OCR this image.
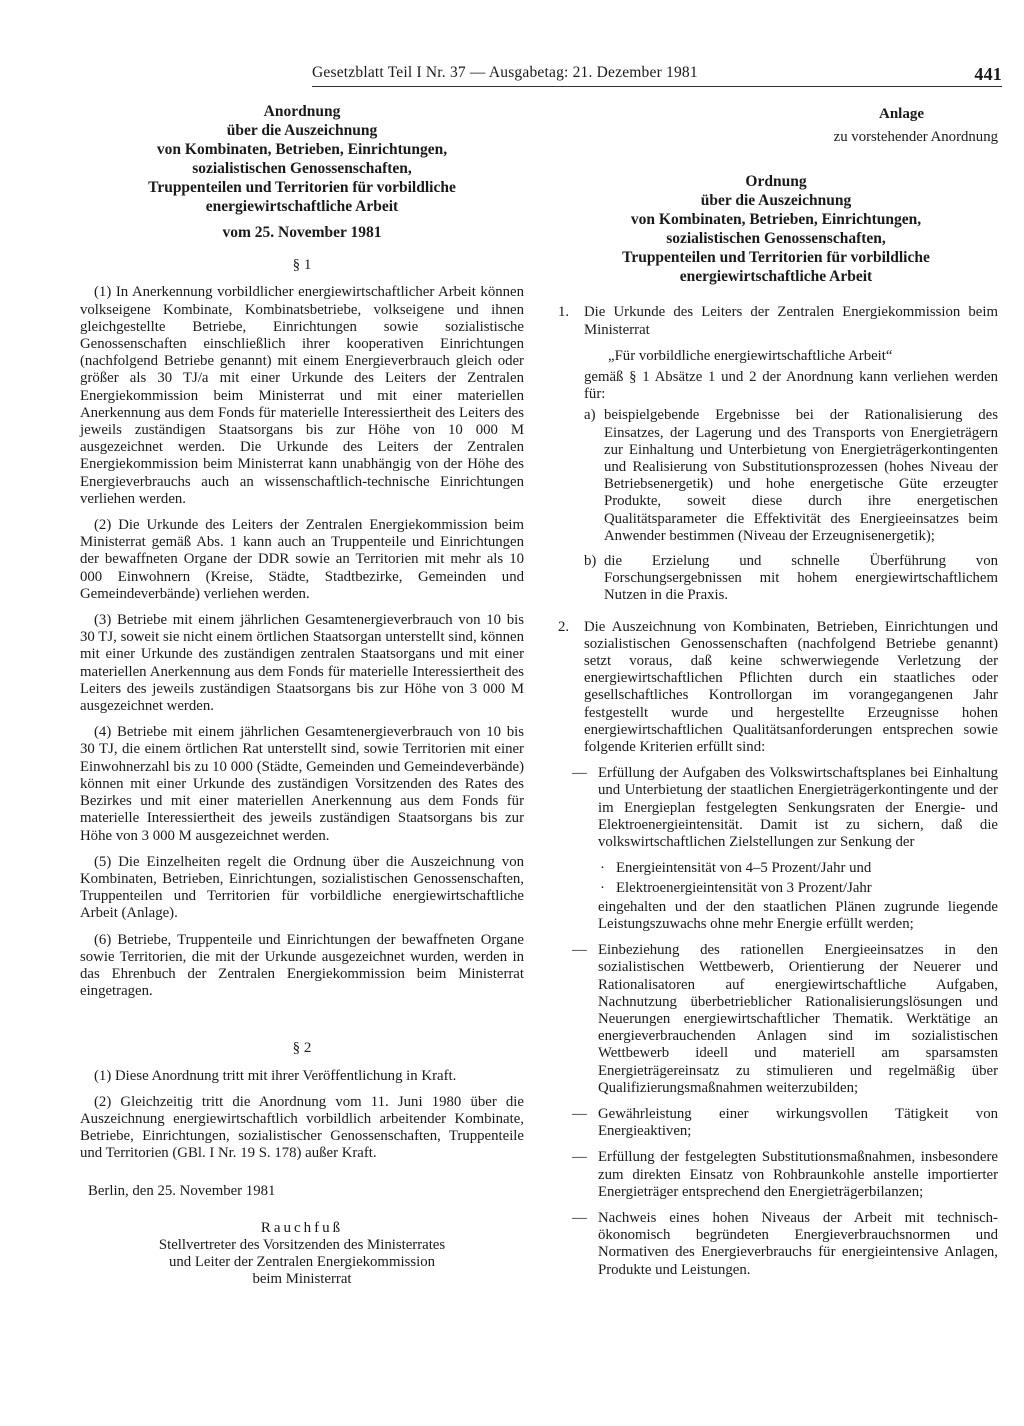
Gesetzblatt Teil I Nr. 37 — Ausgabetag: 21. Dezember 1981	441

Anordnung

über die Auszeichnung

von Kombinaten, Betrieben, Einrichtungen,

sozialistischen Genossenschaften,

Truppenteilen und Territorien für vorbildliche

energiewirtschaftliche Arbeit

vom 25. November 1981

§ 1

(1) In Anerkennung vorbildlicher energiewirtschaftlicher Arbeit können volkseigene Kombinate, Kombinatsbetriebe, volkseigene und ihnen gleichgestellte Betriebe, Einrichtungen sowie sozialistische Genossenschaften einschließlich ihrer kooperativen Einrichtungen (nachfolgend Betriebe genannt) mit einem Energieverbrauch gleich oder größer als 30 TJ/a mit einer Urkunde des Leiters der Zentralen Energiekommission beim Ministerrat und mit einer materiellen Anerkennung aus dem Fonds für materielle Interessiertheit des Leiters des jeweils zuständigen Staatsorgans bis zur Höhe von 10 000 M ausgezeichnet werden. Die Urkunde des Leiters der Zentralen Energiekommission beim Ministerrat kann unabhängig von der Höhe des Energieverbrauchs auch an wissenschaftlich-technische Einrichtungen verliehen werden.

(2) Die Urkunde des Leiters der Zentralen Energiekommission beim Ministerrat gemäß Abs. 1 kann auch an Truppenteile und Einrichtungen der bewaffneten Organe der DDR sowie an Territorien mit mehr als 10 000 Einwohnern (Kreise, Städte, Stadtbezirke, Gemeinden und Gemeindeverbände) verliehen werden.

(3) Betriebe mit einem jährlichen Gesamtenergieverbrauch von 10 bis 30 TJ, soweit sie nicht einem örtlichen Staatsorgan unterstellt sind, können mit einer Urkunde des zuständigen zentralen Staatsorgans und mit einer materiellen Anerkennung aus dem Fonds für materielle Interessiertheit des Leiters des jeweils zuständigen Staatsorgans bis zur Höhe von 3 000 M ausgezeichnet werden.

(4) Betriebe mit einem jährlichen Gesamtenergieverbrauch von 10 bis 30 TJ, die einem örtlichen Rat unterstellt sind, sowie Territorien mit einer Einwohnerzahl bis zu 10 000 (Städte, Gemeinden und Gemeindeverbände) können mit einer Urkunde des zuständigen Vorsitzenden des Rates des Bezirkes und mit einer materiellen Anerkennung aus dem Fonds für materielle Interessiertheit des jeweils zuständigen Staatsorgans bis zur Höhe von 3 000 M ausgezeichnet werden.

(5) Die Einzelheiten regelt die Ordnung über die Auszeichnung von Kombinaten, Betrieben, Einrichtungen, sozialistischen Genossenschaften, Truppenteilen und Territorien für vorbildliche energiewirtschaftliche Arbeit (Anlage).

(6) Betriebe, Truppenteile und Einrichtungen der bewaffneten Organe sowie Territorien, die mit der Urkunde ausgezeichnet wurden, werden in das Ehrenbuch der Zentralen Energiekommission beim Ministerrat eingetragen.

§ 2

(1) Diese Anordnung tritt mit ihrer Veröffentlichung in Kraft.

(2) Gleichzeitig tritt die Anordnung vom 11. Juni 1980 über die Auszeichnung energiewirtschaftlich vorbildlich arbeitender Kombinate, Betriebe, Einrichtungen, sozialistischer Genossenschaften, Truppenteile und Territorien (GBl. I Nr. 19 S. 178) außer Kraft.

Berlin, den 25. November 1981

Rauchfuß

Stellvertreter des Vorsitzenden des Ministerrates

und Leiter der Zentralen Energiekommission

beim Ministerrat

Anlage

zu vorstehender Anordnung

Ordnung

über die Auszeichnung

von Kombinaten, Betrieben, Einrichtungen,

sozialistischen Genossenschaften,

Truppenteilen und Territorien für vorbildliche

energiewirtschaftliche Arbeit

1. Die Urkunde des Leiters der Zentralen Energiekommission beim Ministerrat

„Für vorbildliche energiewirtschaftliche Arbeit“

gemäß § 1 Absätze 1 und 2 der Anordnung kann verliehen werden für:

a) beispielgebende Ergebnisse bei der Rationalisierung des Einsatzes, der Lagerung und des Transports von Energieträgern zur Einhaltung und Unterbietung von Energieträgerkontingenten und Realisierung von Substitutionsprozessen (hohes Niveau der Betriebsenergetik) und hohe energetische Güte erzeugter Produkte, soweit diese durch ihre energetischen Qualitätsparameter die Effektivität des Energieeinsatzes beim Anwender bestimmen (Niveau der Erzeugnisenergetik);
b) die Erzielung und schnelle Überführung von Forschungsergebnissen mit hohem energiewirtschaftlichem Nutzen in die Praxis.
2. Die Auszeichnung von Kombinaten, Betrieben, Einrichtungen und sozialistischen Genossenschaften (nachfolgend Betriebe genannt) setzt voraus, daß keine schwerwiegende Verletzung der energiewirtschaftlichen Pflichten durch ein staatliches oder gesellschaftliches Kontrollorgan im vorangegangenen Jahr festgestellt wurde und hergestellte Erzeugnisse hohen energiewirtschaftlichen Qualitätsanforderungen entsprechen sowie folgende Kriterien erfüllt sind:
— Erfüllung der Aufgaben des Volkswirtschaftsplanes bei Einhaltung und Unterbietung der staatlichen Energieträgerkontingente und der im Energieplan festgelegten Senkungsraten der Energie- und Elektroenergieintensität. Damit ist zu sichern, daß die volkswirtschaftlichen Zielstellungen zur Senkung der
· Energieintensität von 4–5 Prozent/Jahr und
· Elektroenergieintensität von 3 Prozent/Jahr

eingehalten und der den staatlichen Plänen zugrunde liegende Leistungszuwachs ohne mehr Energie erfüllt werden;

— Einbeziehung des rationellen Energieeinsatzes in den sozialistischen Wettbewerb, Orientierung der Neuerer und Rationalisatoren auf energiewirtschaftliche Aufgaben, Nachnutzung überbetrieblicher Rationalisierungslösungen und Neuerungen energiewirtschaftlicher Thematik. Werktätige an energieverbrauchenden Anlagen sind im sozialistischen Wettbewerb ideell und materiell am sparsamsten Energieträgereinsatz zu stimulieren und regelmäßig über Qualifizierungsmaßnahmen weiterzubilden;
— Gewährleistung einer wirkungsvollen Tätigkeit von Energieaktiven;
— Erfüllung der festgelegten Substitutionsmaßnahmen, insbesondere zum direkten Einsatz von Rohbraunkohle anstelle importierter Energieträger entsprechend den Energieträgerbilanzen;
— Nachweis eines hohen Niveaus der Arbeit mit technisch-ökonomisch begründeten Energieverbrauchsnormen und Normativen des Energieverbrauchs für energieintensive Anlagen, Produkte und Leistungen.
